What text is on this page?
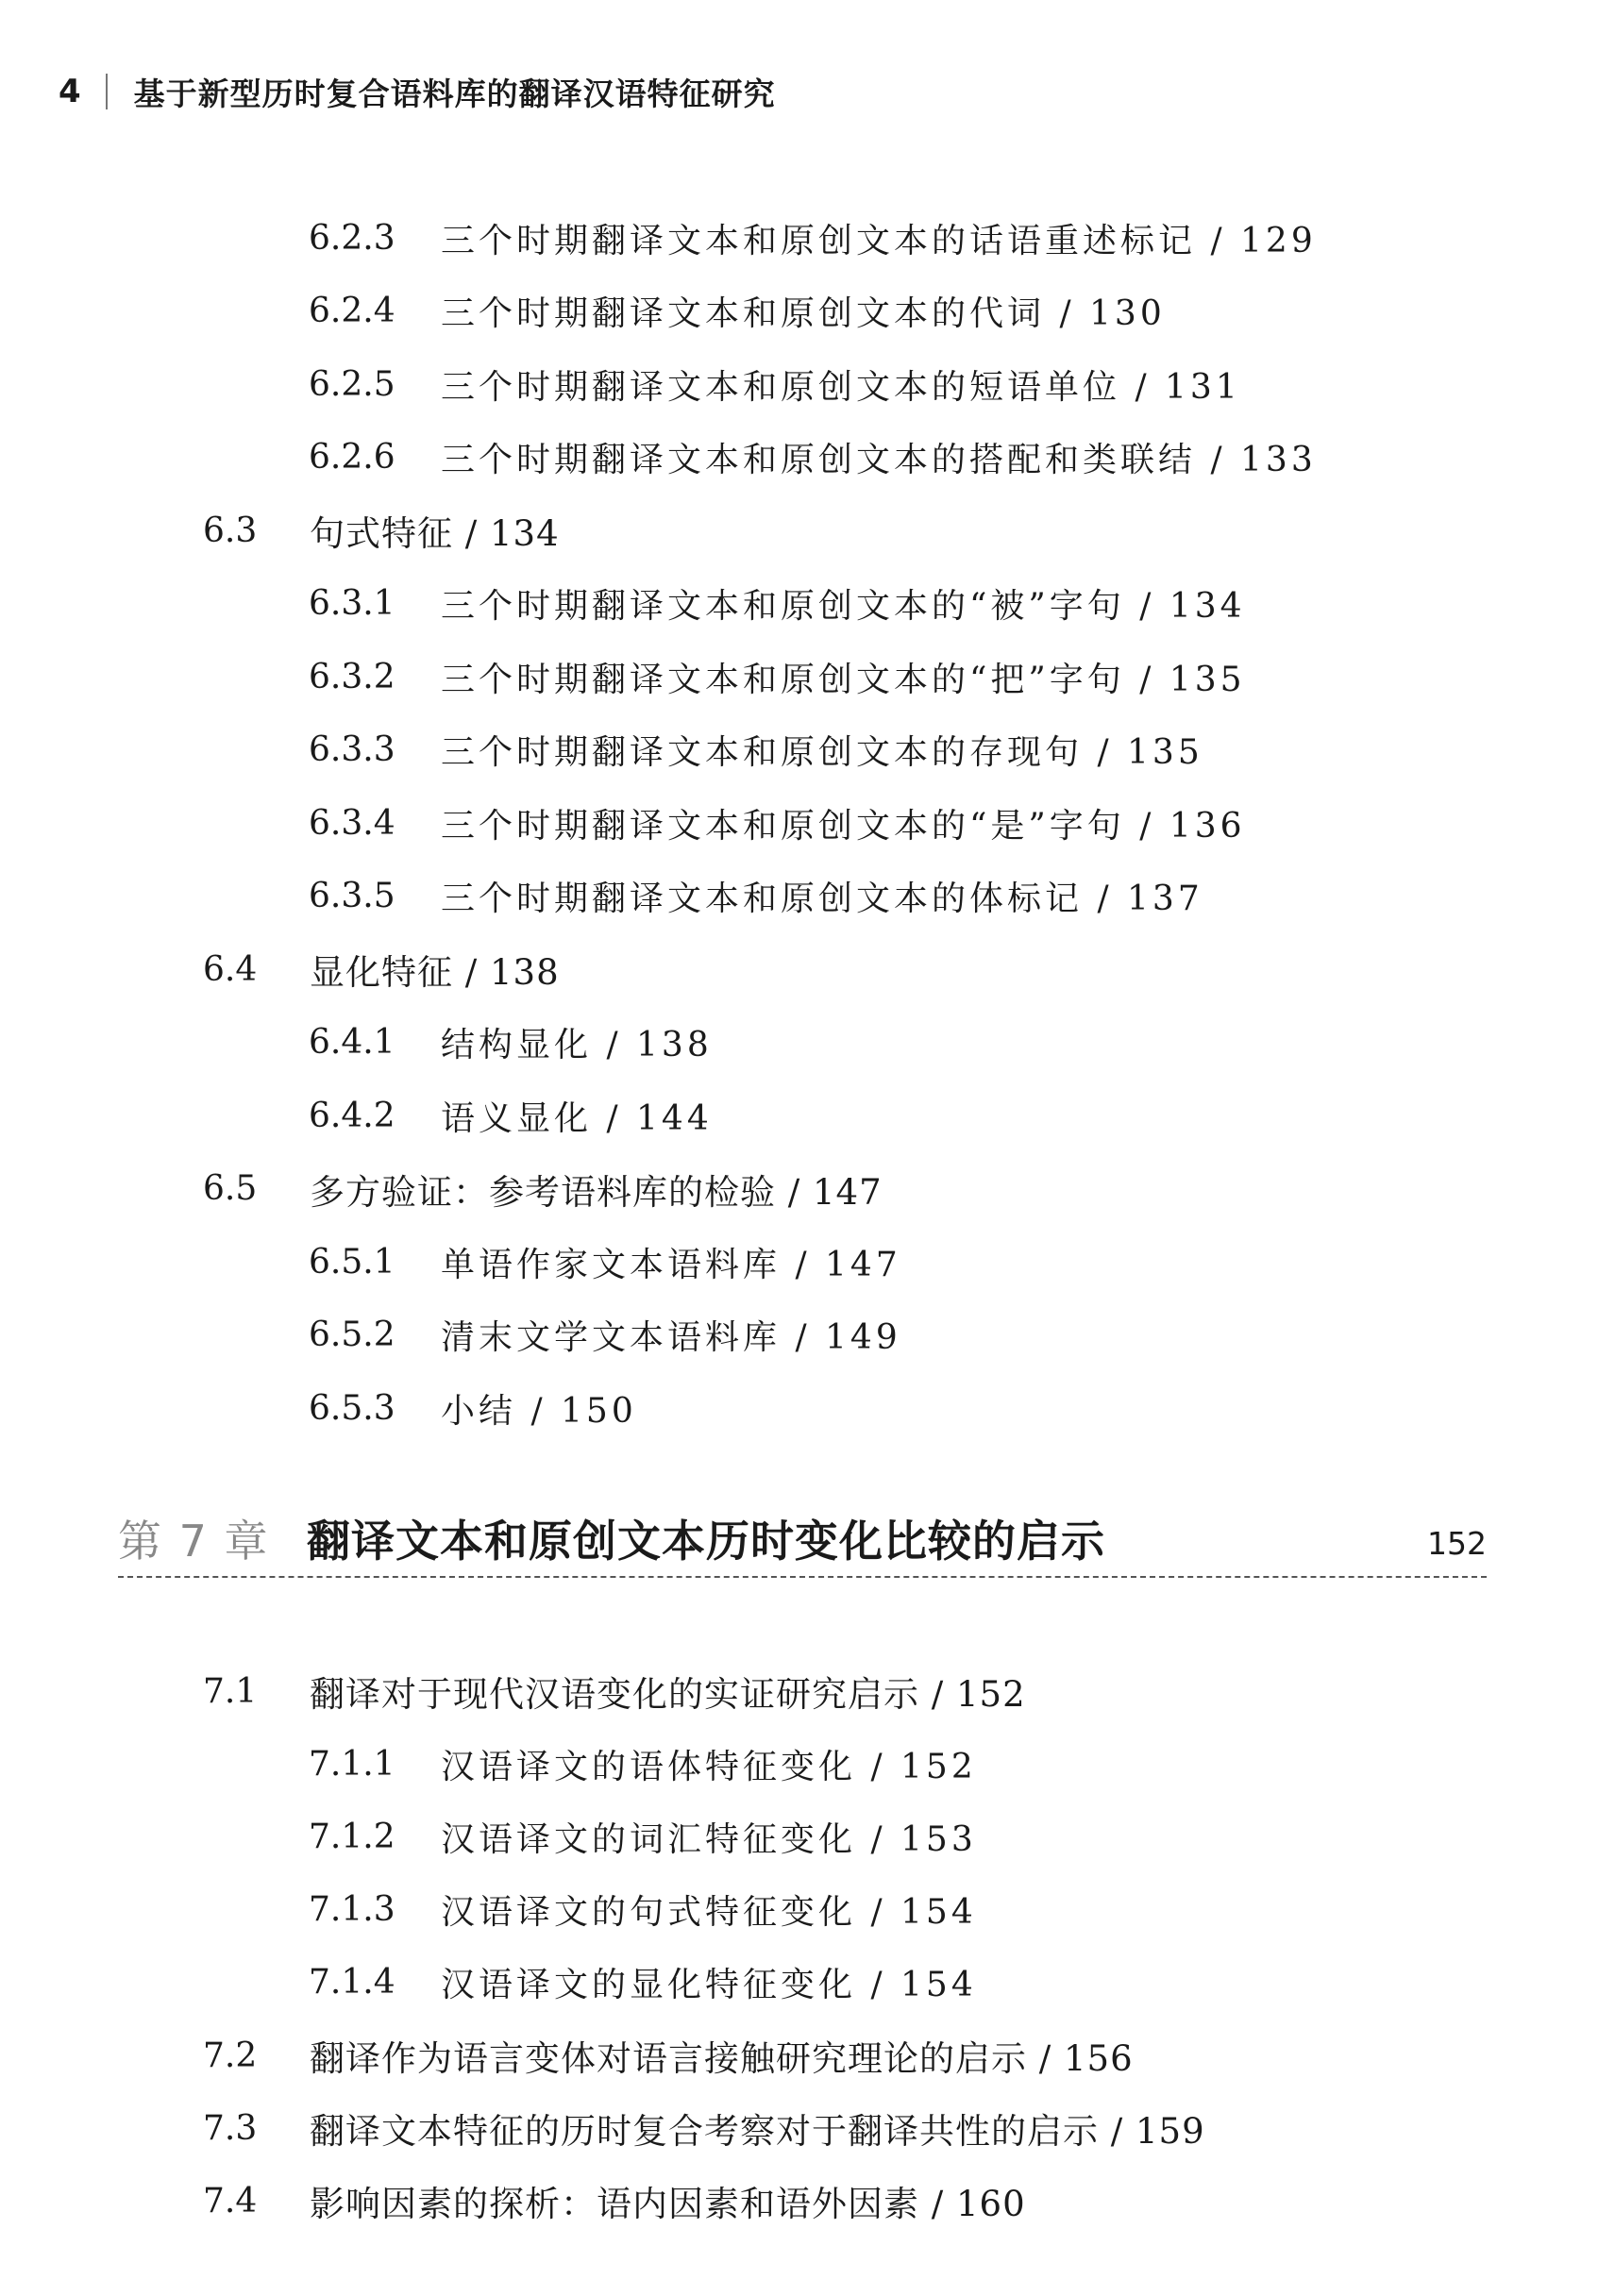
4 基于新型历时复合语料库的翻译汉语特征研究
6.2.3	三个时期翻译文本和原创文本的话语重述标记 / 129
6.2.4	三个时期翻译文本和原创文本的代词 / 130
6.2.5	三个时期翻译文本和原创文本的短语单位 / 131
6.2.6	三个时期翻译文本和原创文本的搭配和类联结 / 133
6.3	句式特征 / 134
6.3.1	三个时期翻译文本和原创文本的“被”字句 / 134
6.3.2	三个时期翻译文本和原创文本的“把”字句 / 135
6.3.3	三个时期翻译文本和原创文本的存现句 / 135
6.3.4	三个时期翻译文本和原创文本的“是”字句 / 136
6.3.5	三个时期翻译文本和原创文本的体标记 / 137
6.4	显化特征 / 138
6.4.1	结构显化 / 138
6.4.2	语义显化 / 144
6.5	多方验证：参考语料库的检验 / 147
6.5.1	单语作家文本语料库 / 147
6.5.2	清末文学文本语料库 / 149
6.5.3	小结 / 150
第 7 章 翻译文本和原创文本历时变化比较的启示	152
7.1	翻译对于现代汉语变化的实证研究启示 / 152
7.1.1	汉语译文的语体特征变化 / 152
7.1.2	汉语译文的词汇特征变化 / 153
7.1.3	汉语译文的句式特征变化 / 154
7.1.4	汉语译文的显化特征变化 / 154
7.2	翻译作为语言变体对语言接触研究理论的启示 / 156
7.3	翻译文本特征的历时复合考察对于翻译共性的启示 / 159
7.4	影响因素的探析：语内因素和语外因素 / 160
